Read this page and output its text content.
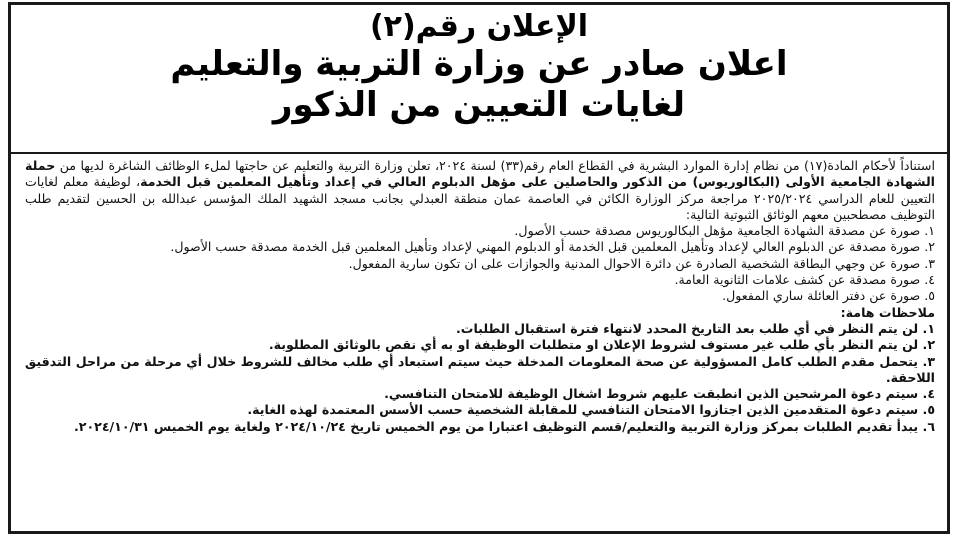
الإعلان رقم(٢)
اعلان صادر عن وزارة التربية والتعليم
لغايات التعيين من الذكور

استناداً لأحكام المادة(١٧) من نظام إدارة الموارد البشرية في القطاع العام رقم(٣٣) لسنة ٢٠٢٤، تعلن وزارة التربية والتعليم عن حاجتها لملء الوظائف الشاغرة لديها من حملة الشهادة الجامعية الأولى (البكالوريوس) من الذكور والحاصلين على مؤهل الدبلوم العالي في إعداد وتأهيل المعلمين قبل الخدمة، لوظيفة معلم لغايات التعيين للعام الدراسي ٢٠٢٥/٢٠٢٤ مراجعة مركز الوزارة الكائن في العاصمة عمان منطقة العبدلي بجانب مسجد الشهيد الملك المؤسس عبدالله بن الحسين لتقديم طلب التوظيف مصطحبين معهم الوثائق الثبوتية التالية:

١. صورة عن مصدقة الشهادة الجامعية مؤهل البكالوريوس مصدقة حسب الأصول.

٢. صورة مصدقة عن الدبلوم العالي لإعداد وتأهيل المعلمين قبل الخدمة أو الدبلوم المهني لإعداد وتأهيل المعلمين قبل الخدمة مصدقة حسب الأصول.

٣. صورة عن وجهي البطاقة الشخصية الصادرة عن دائرة الاحوال المدنية والجوازات على ان تكون سارية المفعول.

٤. صورة مصدقة عن كشف علامات الثانوية العامة.

٥. صورة عن دفتر العائلة ساري المفعول.

ملاحظات هامة:

١. لن يتم النظر في أي طلب بعد التاريخ المحدد لانتهاء فترة استقبال الطلبات.

٢. لن يتم النظر بأي طلب غير مستوف لشروط الإعلان او متطلبات الوظيفة او به أي نقص بالوثائق المطلوبة.

٣. يتحمل مقدم الطلب كامل المسؤولية عن صحة المعلومات المدخلة حيث سيتم استبعاد أي طلب مخالف للشروط خلال أي مرحلة من مراحل التدقيق اللاحقة.

٤. سيتم دعوة المرشحين الذين انطبقت عليهم شروط اشغال الوظيفة للامتحان التنافسي.

٥. سيتم دعوة المتقدمين الذين اجتازوا الامتحان التنافسي للمقابلة الشخصية حسب الأسس المعتمدة لهذه الغاية.

٦. يبدأ تقديم الطلبات بمركز وزارة التربية والتعليم/قسم التوظيف اعتبارا من يوم الخميس تاريخ ٢٠٢٤/١٠/٢٤ ولغاية يوم الخميس ٢٠٢٤/١٠/٣١.
